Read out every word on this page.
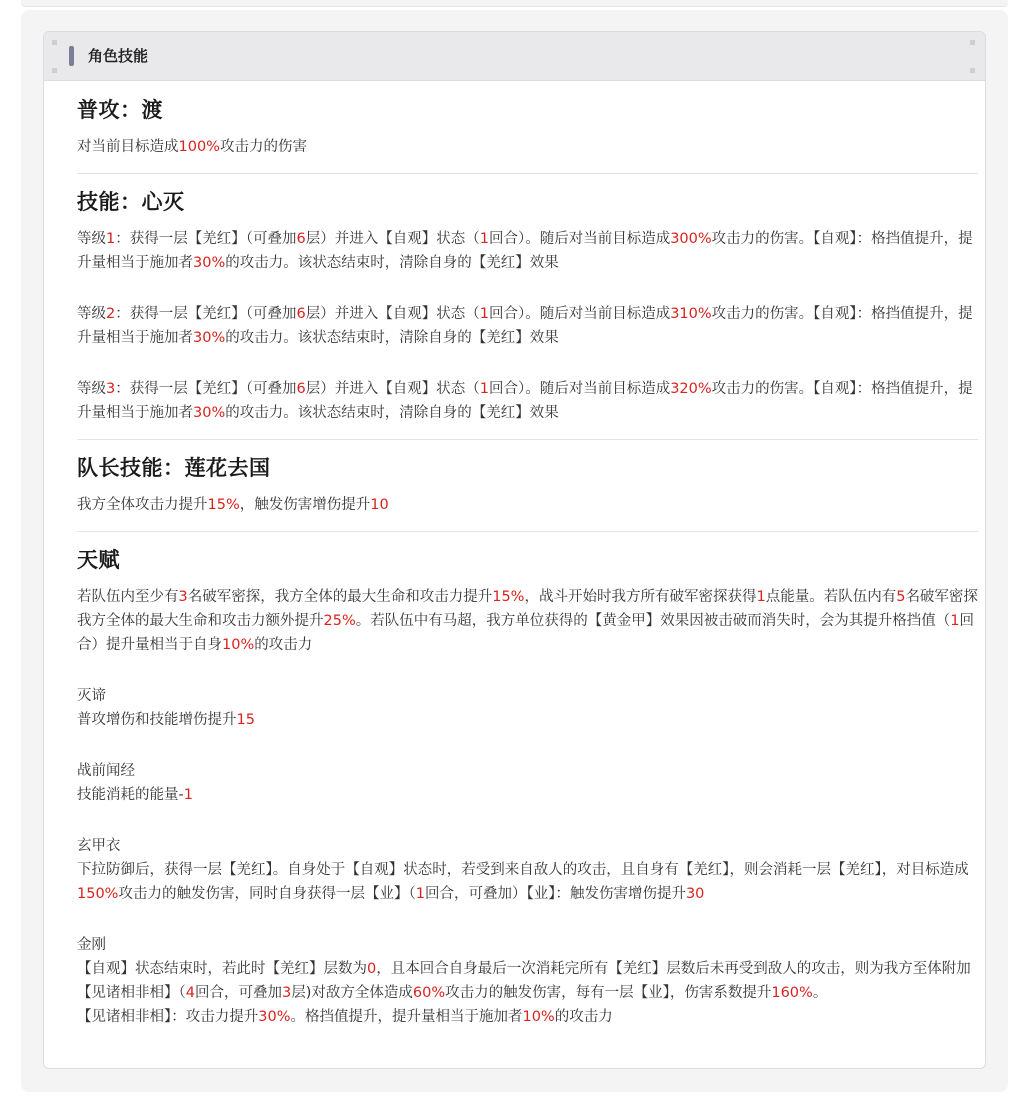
角色技能
普攻：渡

对当前目标造成100%攻击力的伤害

技能：心灭

等级1：获得一层【羌红】（可叠加6层）并进入【自观】状态（1回合）。随后对当前目标造成300%攻击力的伤害。【自观】：格挡值提升，提升量相当于施加者30%的攻击力。该状态结束时，清除自身的【羌红】效果

等级2：获得一层【羌红】（可叠加6层）并进入【自观】状态（1回合）。随后对当前目标造成310%攻击力的伤害。【自观】：格挡值提升，提升量相当于施加者30%的攻击力。该状态结束时，清除自身的【羌红】效果

等级3：获得一层【羌红】（可叠加6层）并进入【自观】状态（1回合）。随后对当前目标造成320%攻击力的伤害。【自观】：格挡值提升，提升量相当于施加者30%的攻击力。该状态结束时，清除自身的【羌红】效果

队长技能：莲花去国

我方全体攻击力提升15%，触发伤害增伤提升10

天赋

若队伍内至少有3名破军密探，我方全体的最大生命和攻击力提升15%，战斗开始时我方所有破军密探获得1点能量。若队伍内有5名破军密探我方全体的最大生命和攻击力额外提升25%。若队伍中有马超，我方单位获得的【黄金甲】效果因被击破而消失时，会为其提升格挡值（1回合）提升量相当于自身10%的攻击力

灭谛
普攻增伤和技能增伤提升15

战前闻经
技能消耗的能量-1

玄甲衣
下拉防御后，获得一层【羌红】。自身处于【自观】状态时，若受到来自敌人的攻击，且自身有【羌红】，则会消耗一层【羌红】，对目标造成150%攻击力的触发伤害，同时自身获得一层【业】（1回合，可叠加）【业】：触发伤害增伤提升30

金刚
【自观】状态结束时，若此时【羌红】层数为0，且本回合自身最后一次消耗完所有【羌红】层数后未再受到敌人的攻击，则为我方至体附加【见诸相非相】（4回合，可叠加3层)对敌方全体造成60%攻击力的触发伤害，每有一层【业】，伤害系数提升160%。
【见诸相非相】：攻击力提升30%。格挡值提升，提升量相当于施加者10%的攻击力
